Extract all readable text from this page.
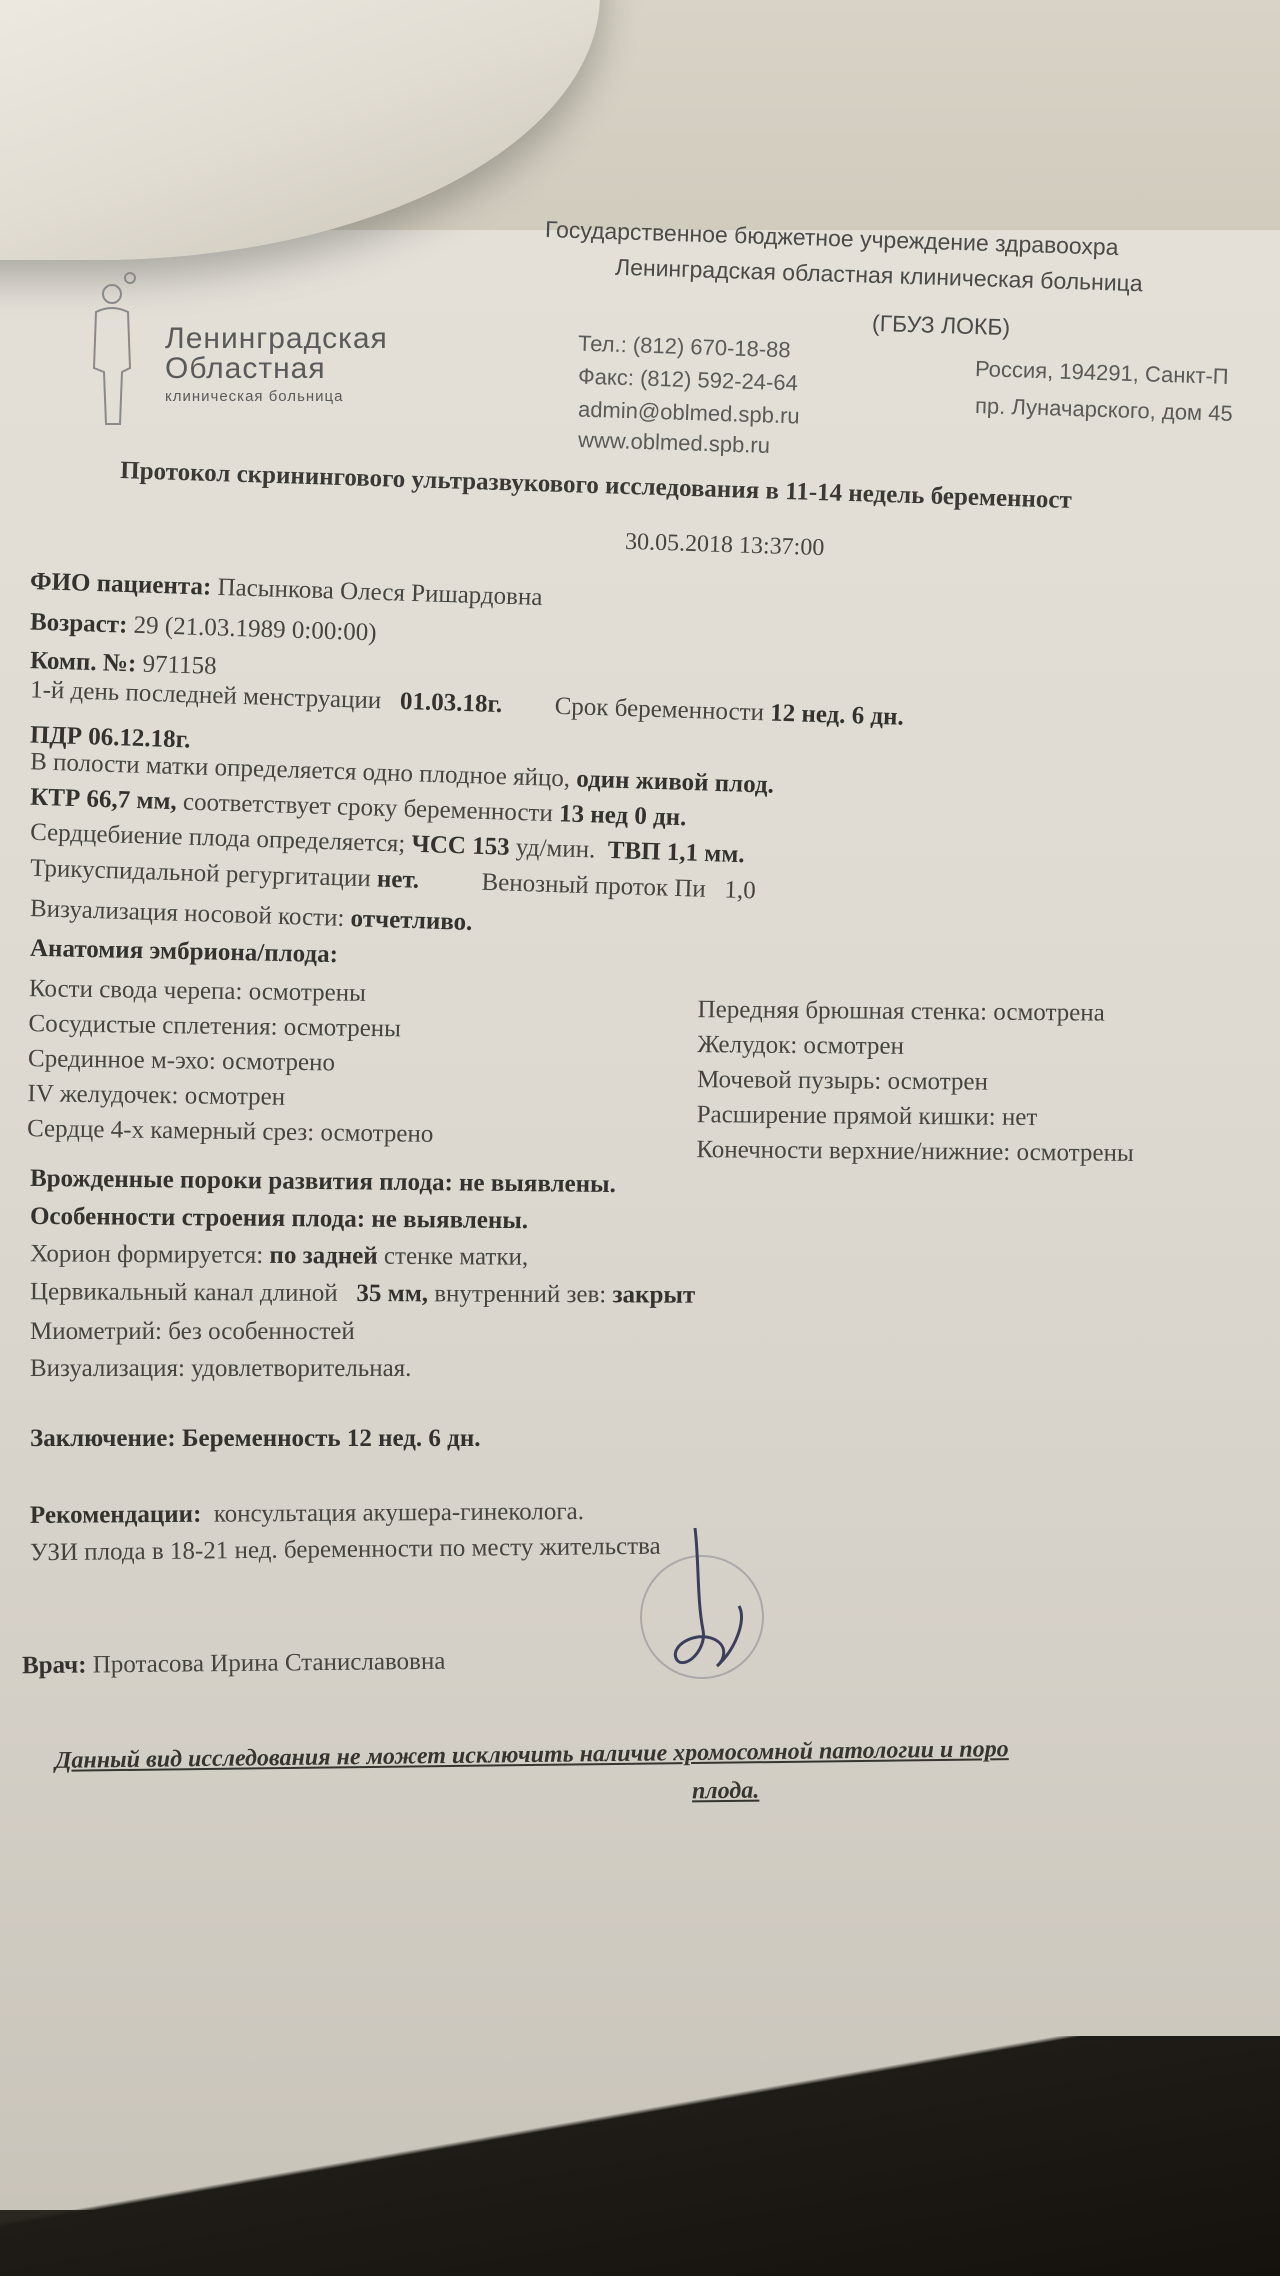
Ленинградская
Областная
клиническая больница
Государственное бюджетное учреждение здравоохра
Ленинградская областная клиническая больница
(ГБУЗ ЛОКБ)
Тел.: (812) 670-18-88
Факс: (812) 592-24-64
admin@oblmed.spb.ru
www.oblmed.spb.ru
Россия, 194291, Санкт-П
пр. Луначарского, дом 45
Протокол скринингового ультразвукового исследования в 11-14 недель беременност
30.05.2018 13:37:00
ФИО пациента: Пасынкова Олеся Ришардовна
Возраст: 29 (21.03.1989 0:00:00)
Комп. №: 971158
1-й день последней менструации 01.03.18г. Срок беременности 12 нед. 6 дн.
ПДР 06.12.18г.
В полости матки определяется одно плодное яйцо, один живой плод.
КТР 66,7 мм, соответствует сроку беременности 13 нед 0 дн.
Сердцебиение плода определяется; ЧСС 153 уд/мин. ТВП 1,1 мм.
Трикуспидальной регургитации нет. Венозный проток Пи 1,0
Визуализация носовой кости: отчетливо.
Анатомия эмбриона/плода:
Кости свода черепа: осмотрены
Сосудистые сплетения: осмотрены
Срединное м-эхо: осмотрено
IV желудочек: осмотрен
Сердце 4-х камерный срез: осмотрено
Передняя брюшная стенка: осмотрена
Желудок: осмотрен
Мочевой пузырь: осмотрен
Расширение прямой кишки: нет
Конечности верхние/нижние: осмотрены
Врожденные пороки развития плода: не выявлены.
Особенности строения плода: не выявлены.
Хорион формируется: по задней стенке матки,
Цервикальный канал длиной 35 мм, внутренний зев: закрыт
Миометрий: без особенностей
Визуализация: удовлетворительная.
Заключение: Беременность 12 нед. 6 дн.
Рекомендации: консультация акушера-гинеколога.
УЗИ плода в 18-21 нед. беременности по месту жительства
Врач: Протасова Ирина Станиславовна
Данный вид исследования не может исключить наличие хромосомной патологии и поро
плода.
